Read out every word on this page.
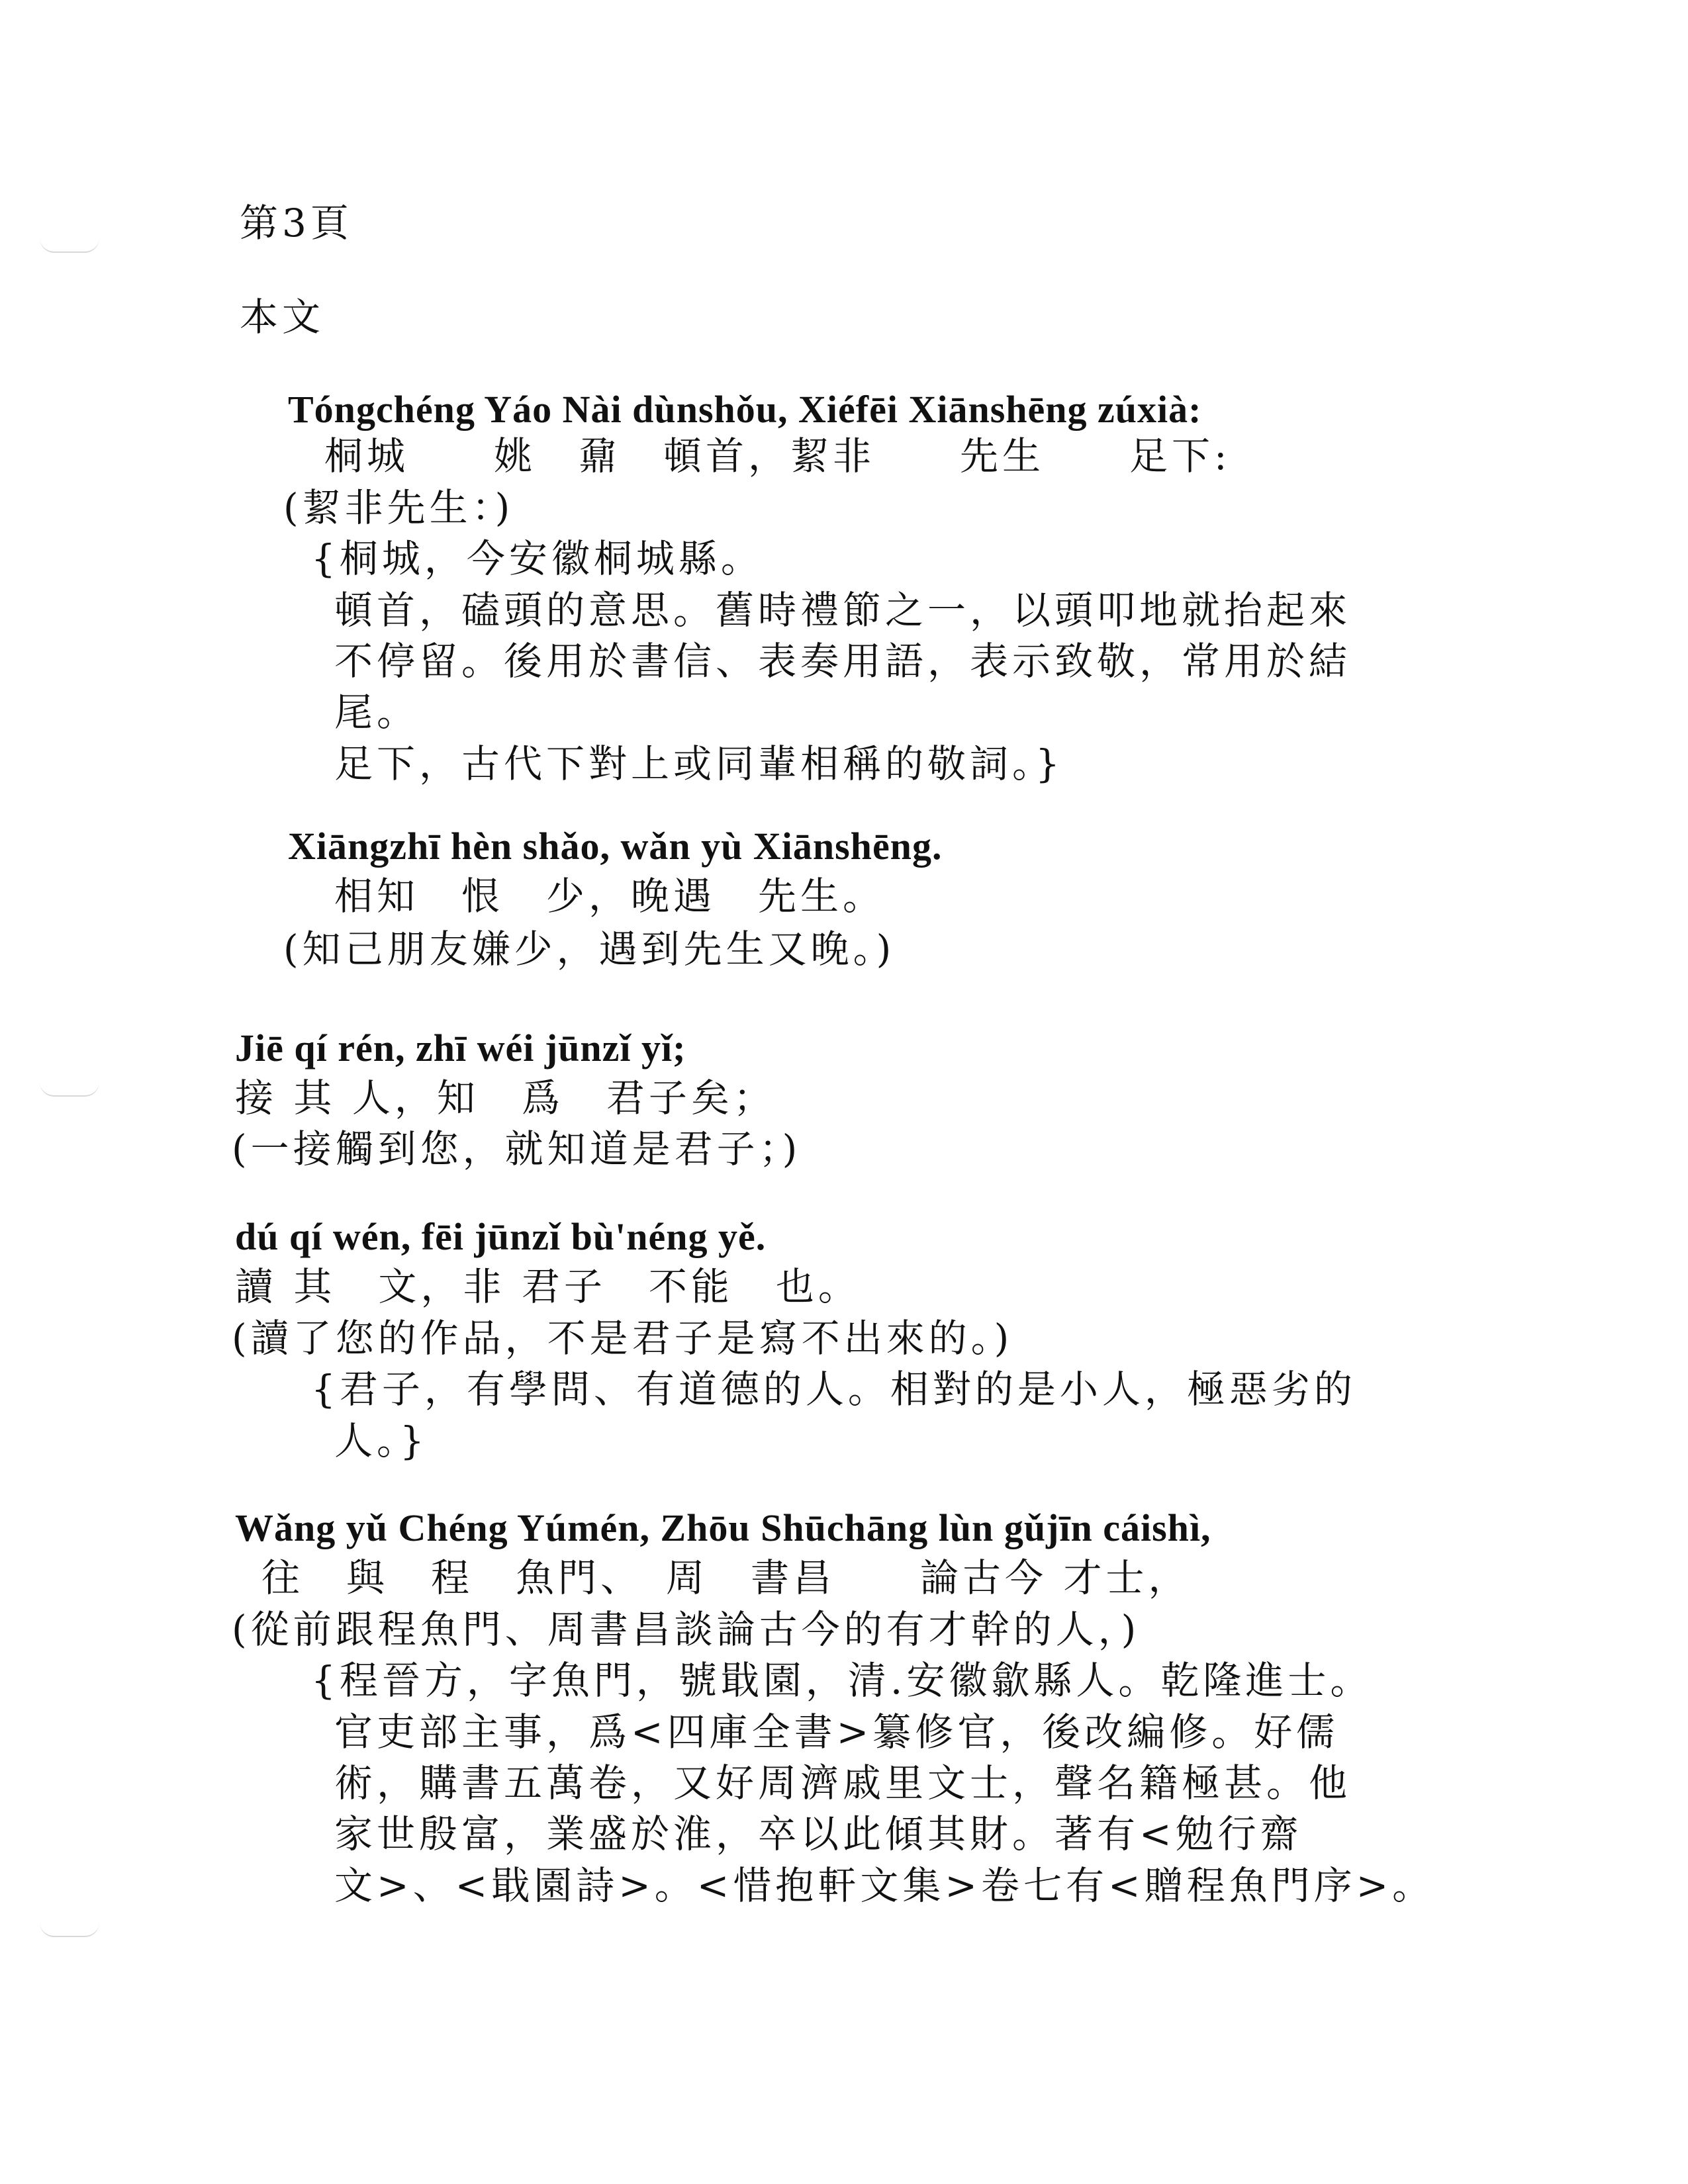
第3頁
本文
Tóngchéng Yáo Nài dùnshǒu, Xiéfēi Xiānshēng zúxià:
桐城　　姚　鼐　頓首，絜非　　先生　　足下:
(絜非先生：)
{桐城，今安徽桐城縣。
頓首，磕頭的意思。舊時禮節之一，以頭叩地就抬起來
不停留。後用於書信、表奏用語，表示致敬，常用於結
尾。
足下，古代下對上或同輩相稱的敬詞。}
Xiāngzhī hèn shǎo, wǎn yù Xiānshēng.
相知　恨　少，晚遇　先生。
(知己朋友嫌少，遇到先生又晚。)
Jiē qí rén, zhī wéi jūnzǐ yǐ;
接 其 人，知　爲　君子矣；
(一接觸到您，就知道是君子；)
dú qí wén, fēi jūnzǐ bù'néng yě.
讀 其　文，非 君子　不能　也。
(讀了您的作品，不是君子是寫不出來的。)
{君子，有學問、有道德的人。相對的是小人，極惡劣的
人。}
Wǎng yǔ Chéng Yúmén, Zhōu Shūchāng lùn gǔjīn cáishì,
往　與　程　魚門、　周　書昌　　論古今 才士，
(從前跟程魚門、周書昌談論古今的有才幹的人，)
{程晉方，字魚門，號戢園，清.安徽歙縣人。乾隆進士。
官吏部主事，爲<四庫全書>纂修官，後改編修。好儒
術，購書五萬卷，又好周濟戚里文士，聲名籍極甚。他
家世殷富，業盛於淮，卒以此傾其財。著有<勉行齋
文>、<戢園詩>。<惜抱軒文集>卷七有<贈程魚門序>。
